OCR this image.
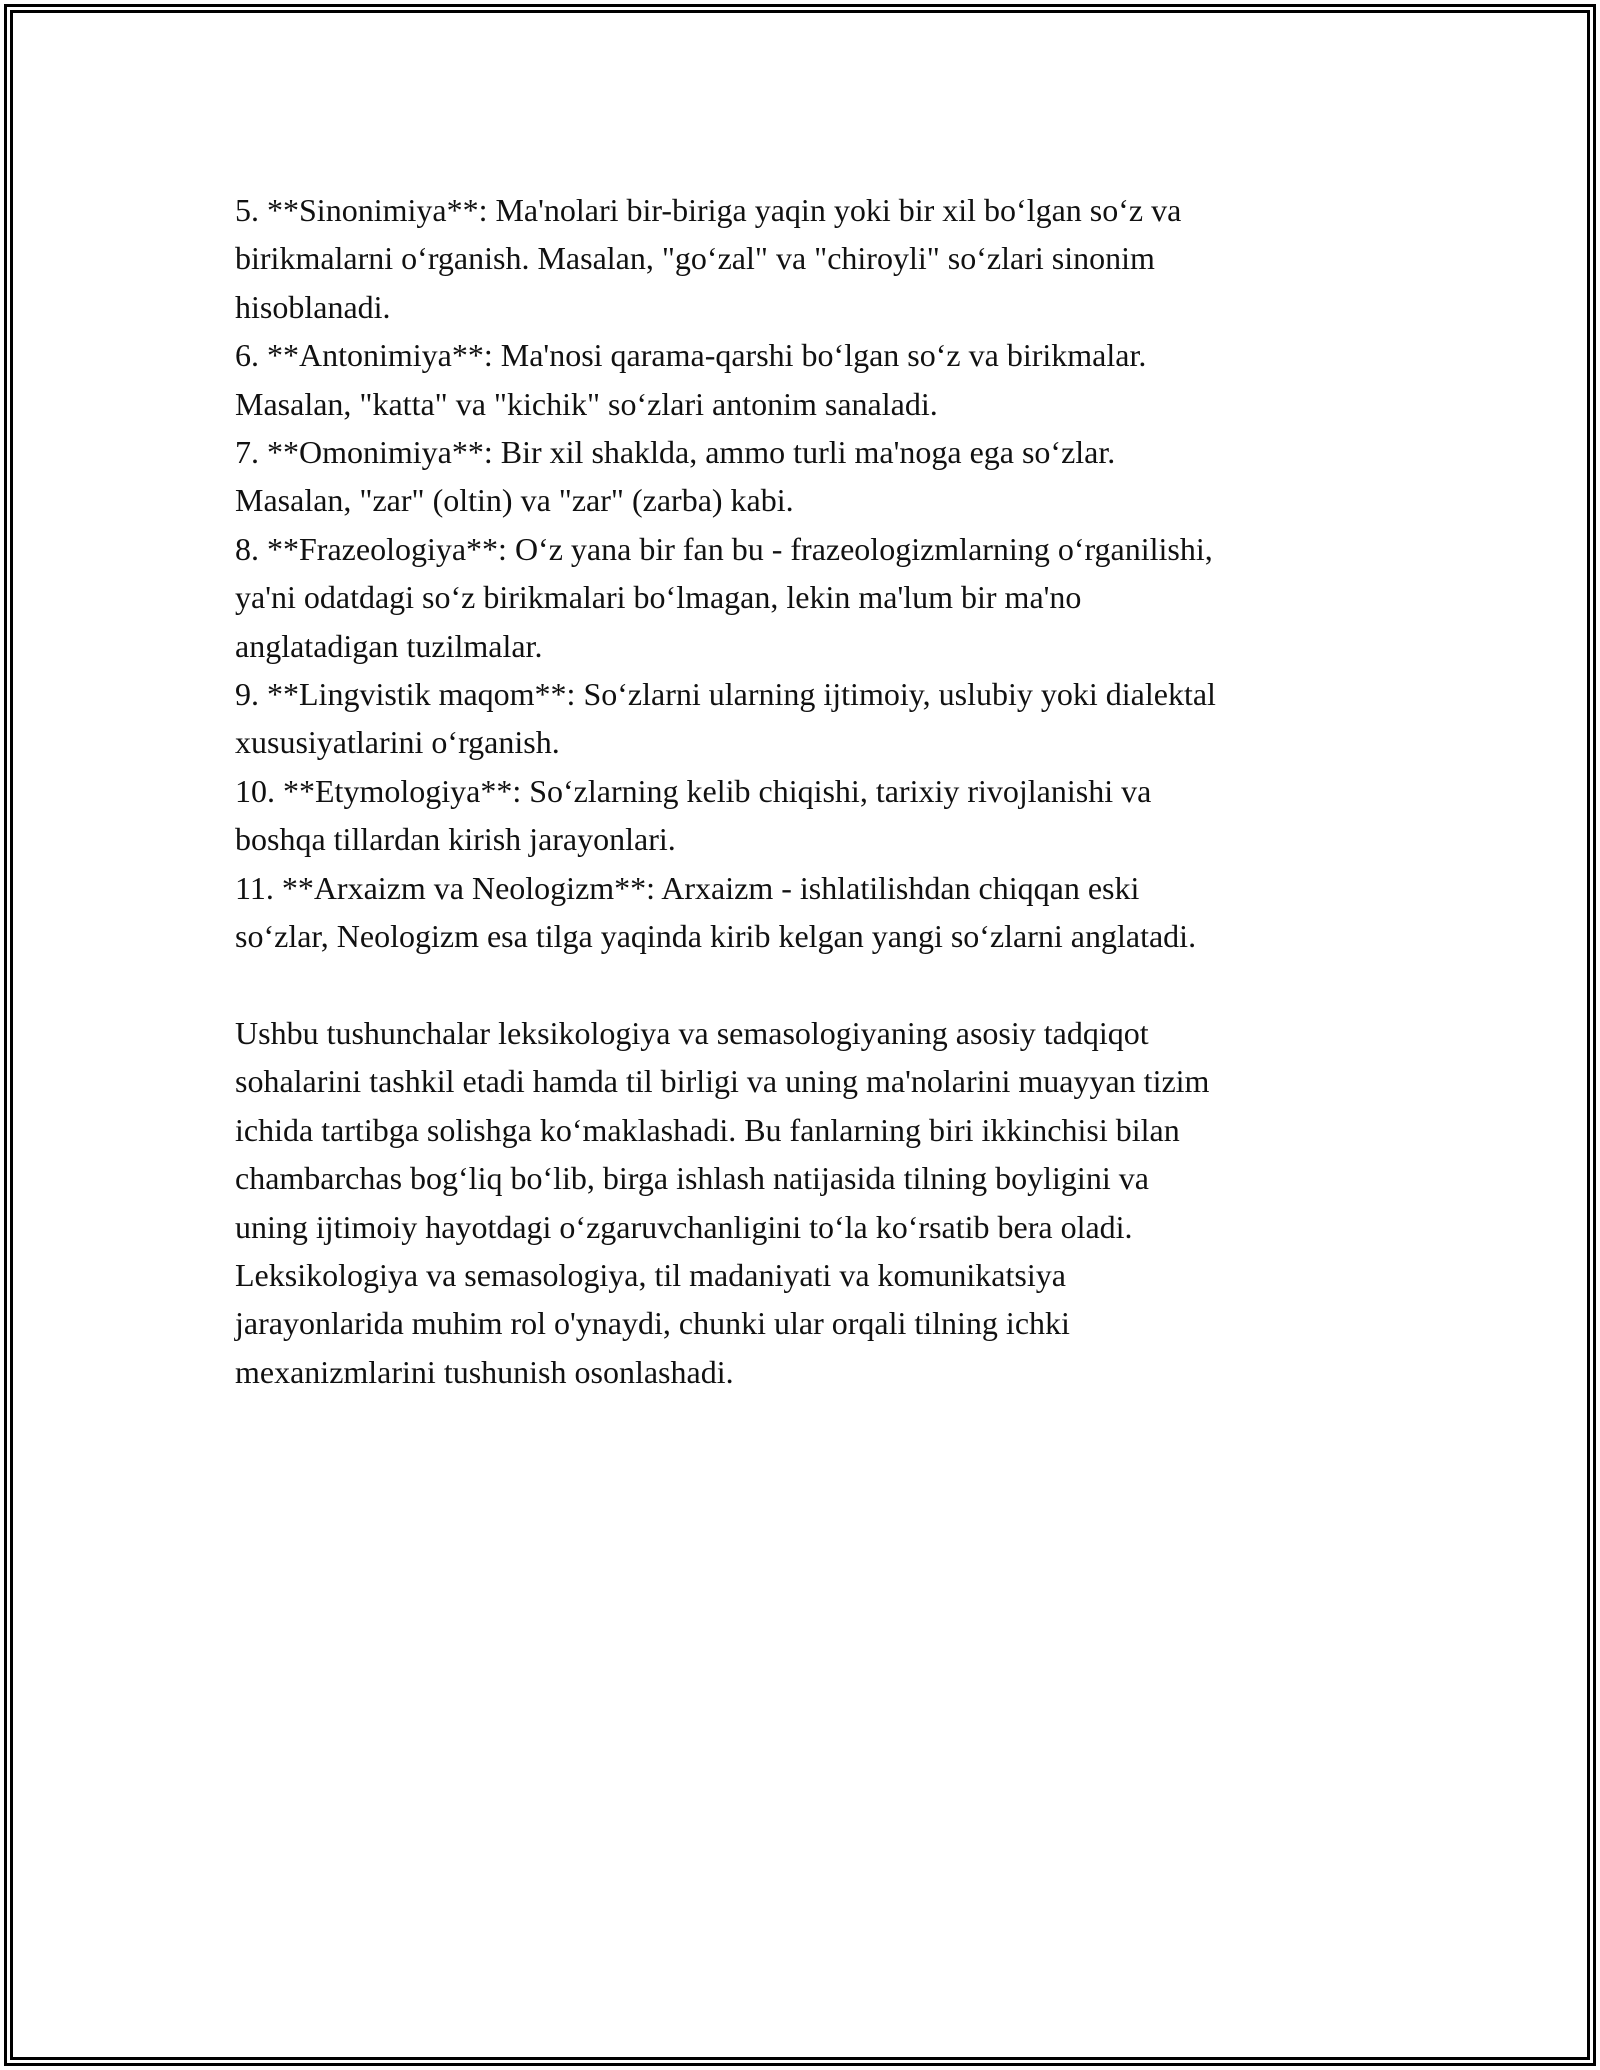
5. **Sinonimiya**: Ma'nolari bir-biriga yaqin yoki bir xil bo‘lgan so‘z va

birikmalarni o‘rganish. Masalan, "go‘zal" va "chiroyli" so‘zlari sinonim

hisoblanadi.

6. **Antonimiya**: Ma'nosi qarama-qarshi bo‘lgan so‘z va birikmalar.

Masalan, "katta" va "kichik" so‘zlari antonim sanaladi.

7. **Omonimiya**: Bir xil shaklda, ammo turli ma'noga ega so‘zlar.

Masalan, "zar" (oltin) va "zar" (zarba) kabi.

8. **Frazeologiya**: O‘z yana bir fan bu - frazeologizmlarning o‘rganilishi,

ya'ni odatdagi so‘z birikmalari bo‘lmagan, lekin ma'lum bir ma'no

anglatadigan tuzilmalar.

9. **Lingvistik maqom**: So‘zlarni ularning ijtimoiy, uslubiy yoki dialektal

xususiyatlarini o‘rganish.

10. **Etymologiya**: So‘zlarning kelib chiqishi, tarixiy rivojlanishi va

boshqa tillardan kirish jarayonlari.

11. **Arxaizm va Neologizm**: Arxaizm - ishlatilishdan chiqqan eski

so‘zlar, Neologizm esa tilga yaqinda kirib kelgan yangi so‘zlarni anglatadi.

Ushbu tushunchalar leksikologiya va semasologiyaning asosiy tadqiqot

sohalarini tashkil etadi hamda til birligi va uning ma'nolarini muayyan tizim

ichida tartibga solishga ko‘maklashadi. Bu fanlarning biri ikkinchisi bilan

chambarchas bog‘liq bo‘lib, birga ishlash natijasida tilning boyligini va

uning ijtimoiy hayotdagi o‘zgaruvchanligini to‘la ko‘rsatib bera oladi.

Leksikologiya va semasologiya, til madaniyati va komunikatsiya

jarayonlarida muhim rol o'ynaydi, chunki ular orqali tilning ichki

mexanizmlarini tushunish osonlashadi.
